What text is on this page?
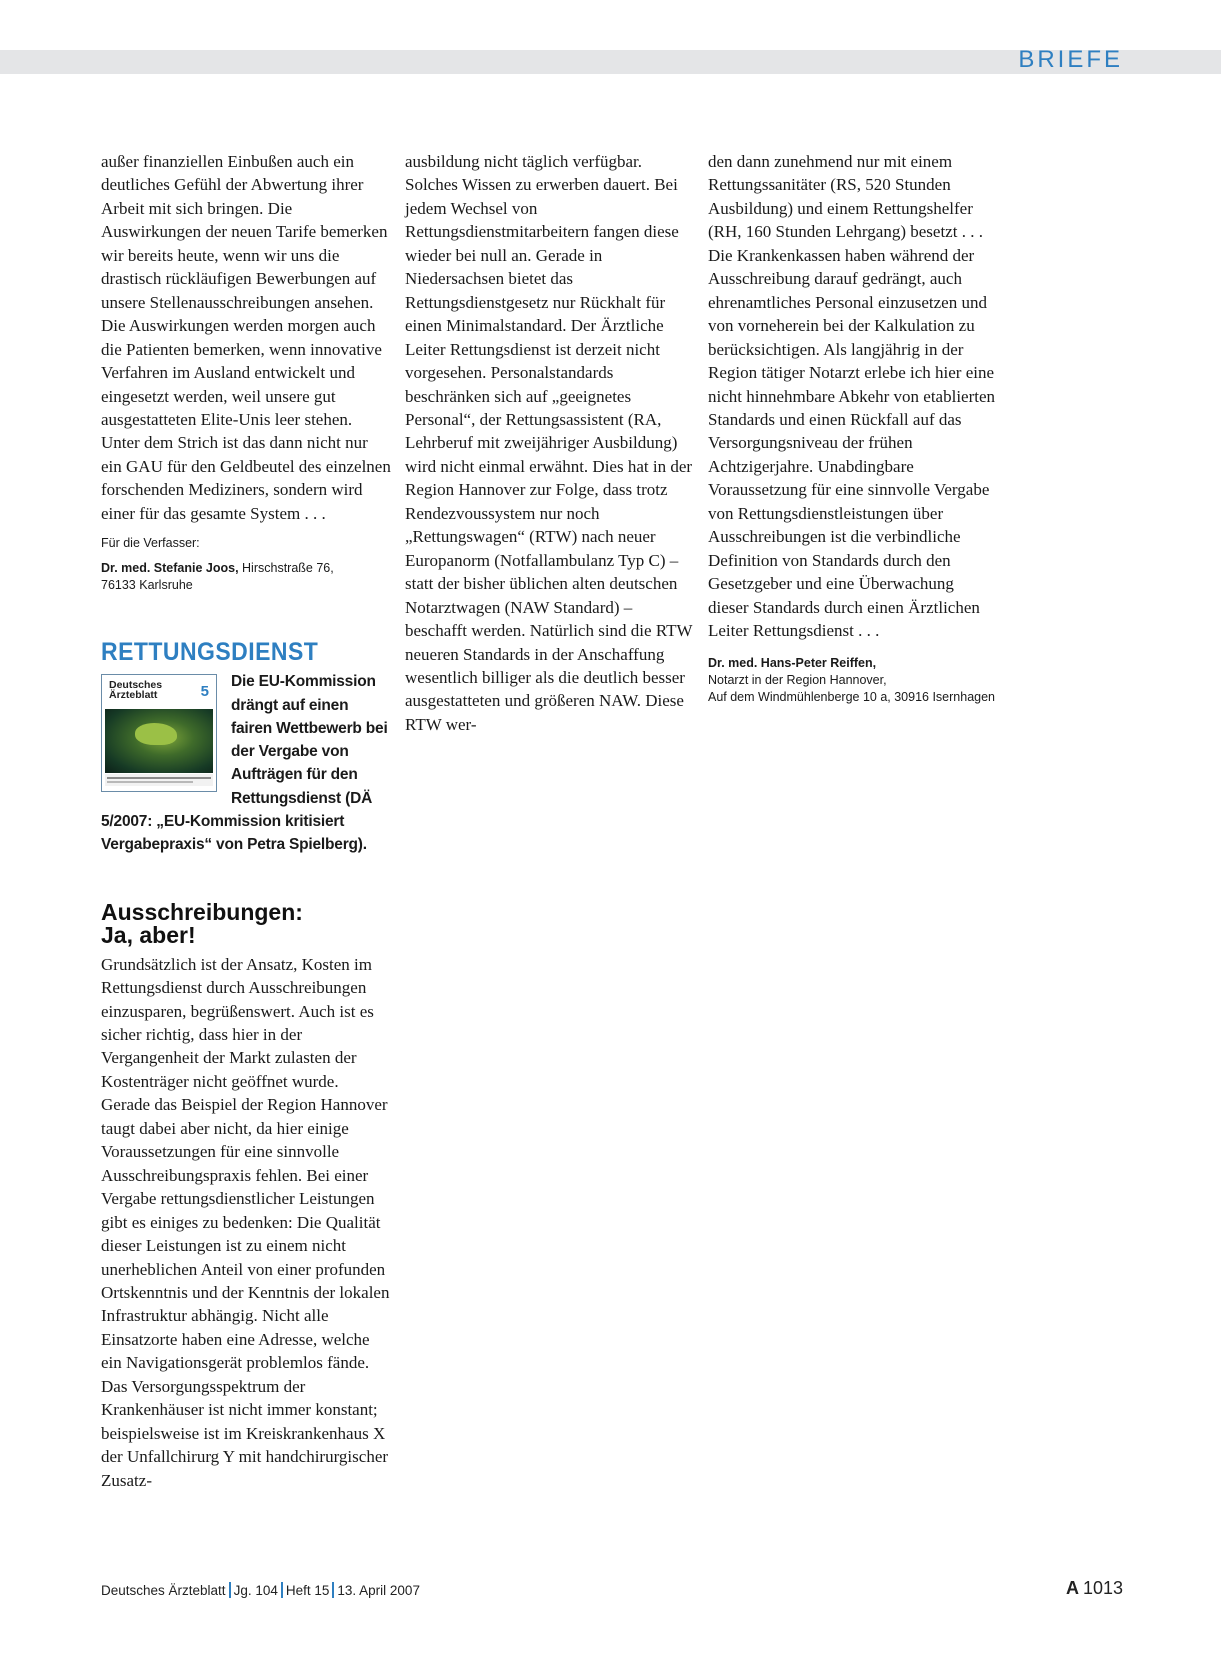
BRIEFE

außer finanziellen Einbußen auch ein deutliches Gefühl der Abwertung ihrer Arbeit mit sich bringen. Die Auswirkungen der neuen Tarife bemerken wir bereits heute, wenn wir uns die drastisch rückläufigen Bewerbungen auf unsere Stellenausschreibungen ansehen. Die Auswirkungen werden morgen auch die Patienten bemerken, wenn innovative Verfahren im Ausland entwickelt und eingesetzt werden, weil unsere gut ausgestatteten Elite-Unis leer stehen. Unter dem Strich ist das dann nicht nur ein GAU für den Geldbeutel des einzelnen forschenden Mediziners, sondern wird einer für das gesamte System . . .

Für die Verfasser:
Dr. med. Stefanie Joos, Hirschstraße 76,
76133 Karlsruhe
RETTUNGSDIENST
Deutsches
Ärzteblatt	5
Die EU-Kommission drängt auf einen fairen Wettbewerb bei der Vergabe von Aufträgen für den Rettungsdienst (DÄ 5/2007: „EU-Kommission kritisiert Vergabepraxis“ von Petra Spielberg).
Ausschreibungen:
Ja, aber!

Grundsätzlich ist der Ansatz, Kosten im Rettungsdienst durch Ausschreibungen einzusparen, begrüßenswert. Auch ist es sicher richtig, dass hier in der Vergangenheit der Markt zulasten der Kostenträger nicht geöffnet wurde. Gerade das Beispiel der Region Hannover taugt dabei aber nicht, da hier einige Voraussetzungen für eine sinnvolle Ausschreibungspraxis fehlen. Bei einer Vergabe rettungsdienstlicher Leistungen gibt es einiges zu bedenken: Die Qualität dieser Leistungen ist zu einem nicht unerheblichen Anteil von einer profunden Ortskenntnis und der Kenntnis der lokalen Infrastruktur abhängig. Nicht alle Einsatzorte haben eine Adresse, welche ein Navigationsgerät problemlos fände. Das Versorgungsspektrum der Krankenhäuser ist nicht immer konstant; beispielsweise ist im Kreiskrankenhaus X der Unfallchirurg Y mit handchirurgischer Zusatz-

ausbildung nicht täglich verfügbar. Solches Wissen zu erwerben dauert. Bei jedem Wechsel von Rettungsdienstmitarbeitern fangen diese wieder bei null an. Gerade in Niedersachsen bietet das Rettungsdienstgesetz nur Rückhalt für einen Minimalstandard. Der Ärztliche Leiter Rettungsdienst ist derzeit nicht vorgesehen. Personalstandards beschränken sich auf „geeignetes Personal“, der Rettungsassistent (RA, Lehrberuf mit zweijähriger Ausbildung) wird nicht einmal erwähnt. Dies hat in der Region Hannover zur Folge, dass trotz Rendezvoussystem nur noch „Rettungswagen“ (RTW) nach neuer Europanorm (Notfallambulanz Typ C) – statt der bisher üblichen alten deutschen Notarztwagen (NAW Standard) – beschafft werden. Natürlich sind die RTW neueren Standards in der Anschaffung wesentlich billiger als die deutlich besser ausgestatteten und größeren NAW. Diese RTW wer-

den dann zunehmend nur mit einem Rettungssanitäter (RS, 520 Stunden Ausbildung) und einem Rettungshelfer (RH, 160 Stunden Lehrgang) besetzt . . . Die Krankenkassen haben während der Ausschreibung darauf gedrängt, auch ehrenamtliches Personal einzusetzen und von vorneherein bei der Kalkulation zu berücksichtigen. Als langjährig in der Region tätiger Notarzt erlebe ich hier eine nicht hinnehmbare Abkehr von etablierten Standards und einen Rückfall auf das Versorgungsniveau der frühen Achtzigerjahre. Unabdingbare Voraussetzung für eine sinnvolle Vergabe von Rettungsdienstleistungen über Ausschreibungen ist die verbindliche Definition von Standards durch den Gesetzgeber und eine Überwachung dieser Standards durch einen Ärztlichen Leiter Rettungsdienst . . .

Dr. med. Hans-Peter Reiffen,
Notarzt in der Region Hannover,
Auf dem Windmühlenberge 10 a, 30916 Isernhagen
Deutsches Ärzteblatt Jg. 104 Heft 15 13. April 2007	A 1013
